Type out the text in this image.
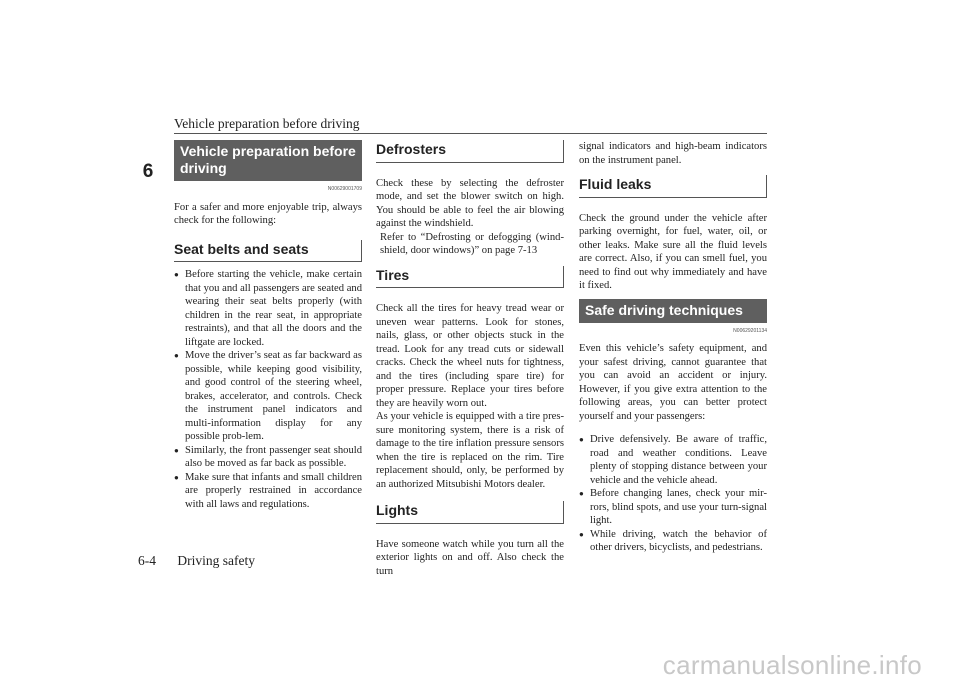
Vehicle preparation before driving
6
Vehicle preparation before driving
N00629001709

For a safer and more enjoyable trip, always check for the following:

Seat belts and seats
● Before starting the vehicle, make certain that you and all passengers are seated and wearing their seat belts properly (with children in the rear seat, in appropriate restraints), and that all the doors and the liftgate are locked.
● Move the driver’s seat as far backward as possible, while keeping good visibility, and good control of the steering wheel, brakes, accelerator, and controls. Check the instrument panel indicators and multi-information display for any possible prob-lem.
● Similarly, the front passenger seat should also be moved as far back as possible.
● Make sure that infants and small children are properly restrained in accordance with all laws and regulations.
Defrosters

Check these by selecting the defroster mode, and set the blower switch on high. You should be able to feel the air blowing against the windshield.

Refer to “Defrosting or defogging (wind-shield, door windows)” on page 7-13

Tires

Check all the tires for heavy tread wear or uneven wear patterns. Look for stones, nails, glass, or other objects stuck in the tread. Look for any tread cuts or sidewall cracks. Check the wheel nuts for tightness, and the tires (including spare tire) for proper pressure. Replace your tires before they are heavily worn out.

As your vehicle is equipped with a tire pres-sure monitoring system, there is a risk of damage to the tire inflation pressure sensors when the tire is replaced on the rim. Tire replacement should, only, be performed by an authorized Mitsubishi Motors dealer.

Lights

Have someone watch while you turn all the exterior lights on and off. Also check the turn

signal indicators and high-beam indicators on the instrument panel.

Fluid leaks

Check the ground under the vehicle after parking overnight, for fuel, water, oil, or other leaks. Make sure all the fluid levels are correct. Also, if you can smell fuel, you need to find out why immediately and have it fixed.

Safe driving techniques
N00629201134

Even this vehicle’s safety equipment, and your safest driving, cannot guarantee that you can avoid an accident or injury. However, if you give extra attention to the following areas, you can better protect yourself and your passengers:

● Drive defensively. Be aware of traffic, road and weather conditions. Leave plenty of stopping distance between your vehicle and the vehicle ahead.
● Before changing lanes, check your mir-rors, blind spots, and use your turn-signal light.
● While driving, watch the behavior of other drivers, bicyclists, and pedestrians.
6-4 Driving safety
carmanualsonline.info
